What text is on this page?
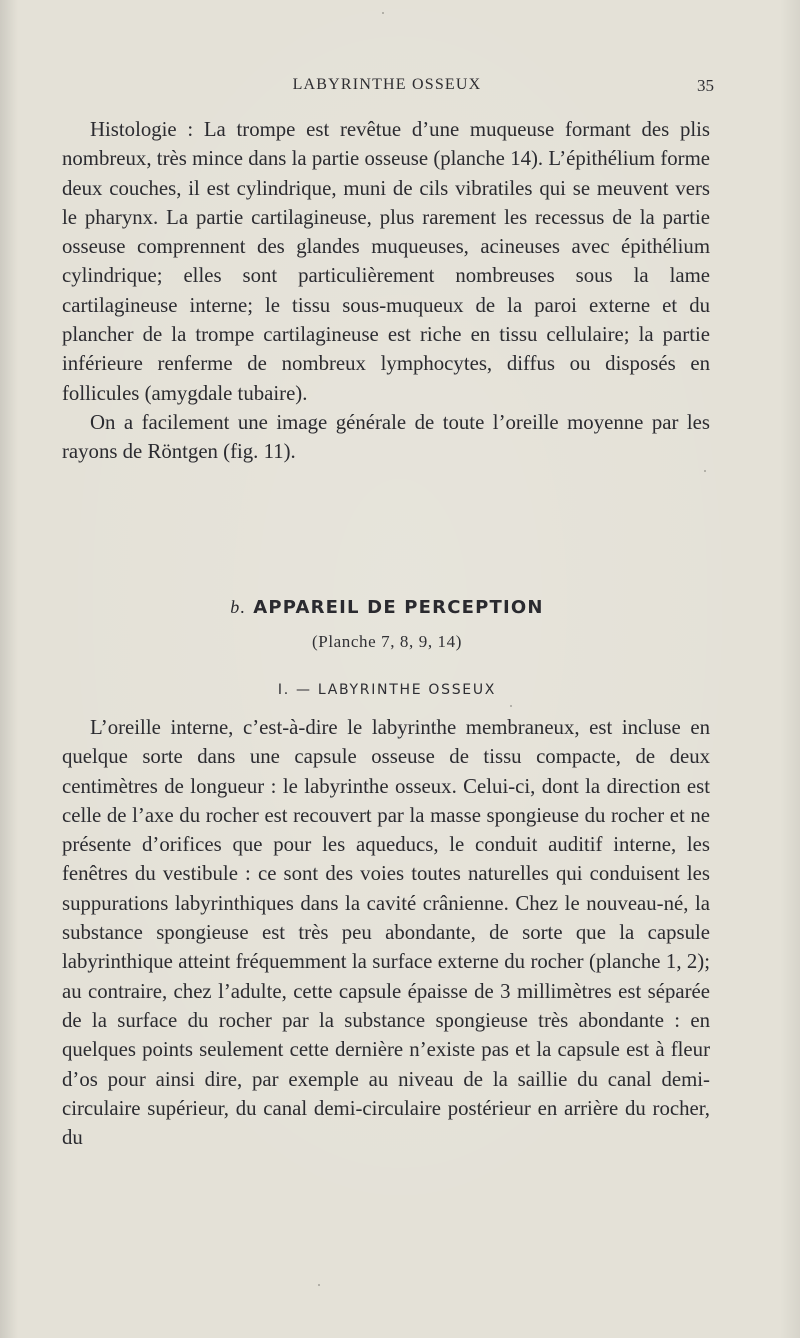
LABYRINTHE OSSEUX	35

Histologie : La trompe est revêtue d’une muqueuse formant des plis nombreux, très mince dans la partie osseuse (planche 14). L’épithélium forme deux couches, il est cylindrique, muni de cils vibratiles qui se meuvent vers le pharynx. La partie cartilagineuse, plus rarement les recessus de la partie osseuse comprennent des glandes muqueuses, acineuses avec épithélium cylindrique; elles sont particulièrement nombreuses sous la lame cartilagineuse interne; le tissu sous-muqueux de la paroi externe et du plancher de la trompe cartilagineuse est riche en tissu cellulaire; la partie inférieure renferme de nombreux lymphocytes, diffus ou disposés en follicules (amygdale tubaire).

On a facilement une image générale de toute l’oreille moyenne par les rayons de Röntgen (fig. 11).

b. APPAREIL DE PERCEPTION
(Planche 7, 8, 9, 14)
I. — LABYRINTHE OSSEUX

L’oreille interne, c’est-à-dire le labyrinthe membraneux, est incluse en quelque sorte dans une capsule osseuse de tissu compacte, de deux centimètres de longueur : le labyrinthe osseux. Celui-ci, dont la direction est celle de l’axe du rocher est recouvert par la masse spongieuse du rocher et ne présente d’orifices que pour les aqueducs, le conduit auditif interne, les fenêtres du vestibule : ce sont des voies toutes naturelles qui conduisent les suppurations labyrinthiques dans la cavité crânienne. Chez le nouveau-né, la substance spongieuse est très peu abondante, de sorte que la capsule labyrinthique atteint fréquemment la surface externe du rocher (planche 1, 2); au contraire, chez l’adulte, cette capsule épaisse de 3 millimètres est séparée de la surface du rocher par la substance spongieuse très abondante : en quelques points seulement cette dernière n’existe pas et la capsule est à fleur d’os pour ainsi dire, par exemple au niveau de la saillie du canal demi-circulaire supérieur, du canal demi-circulaire postérieur en arrière du rocher, du
